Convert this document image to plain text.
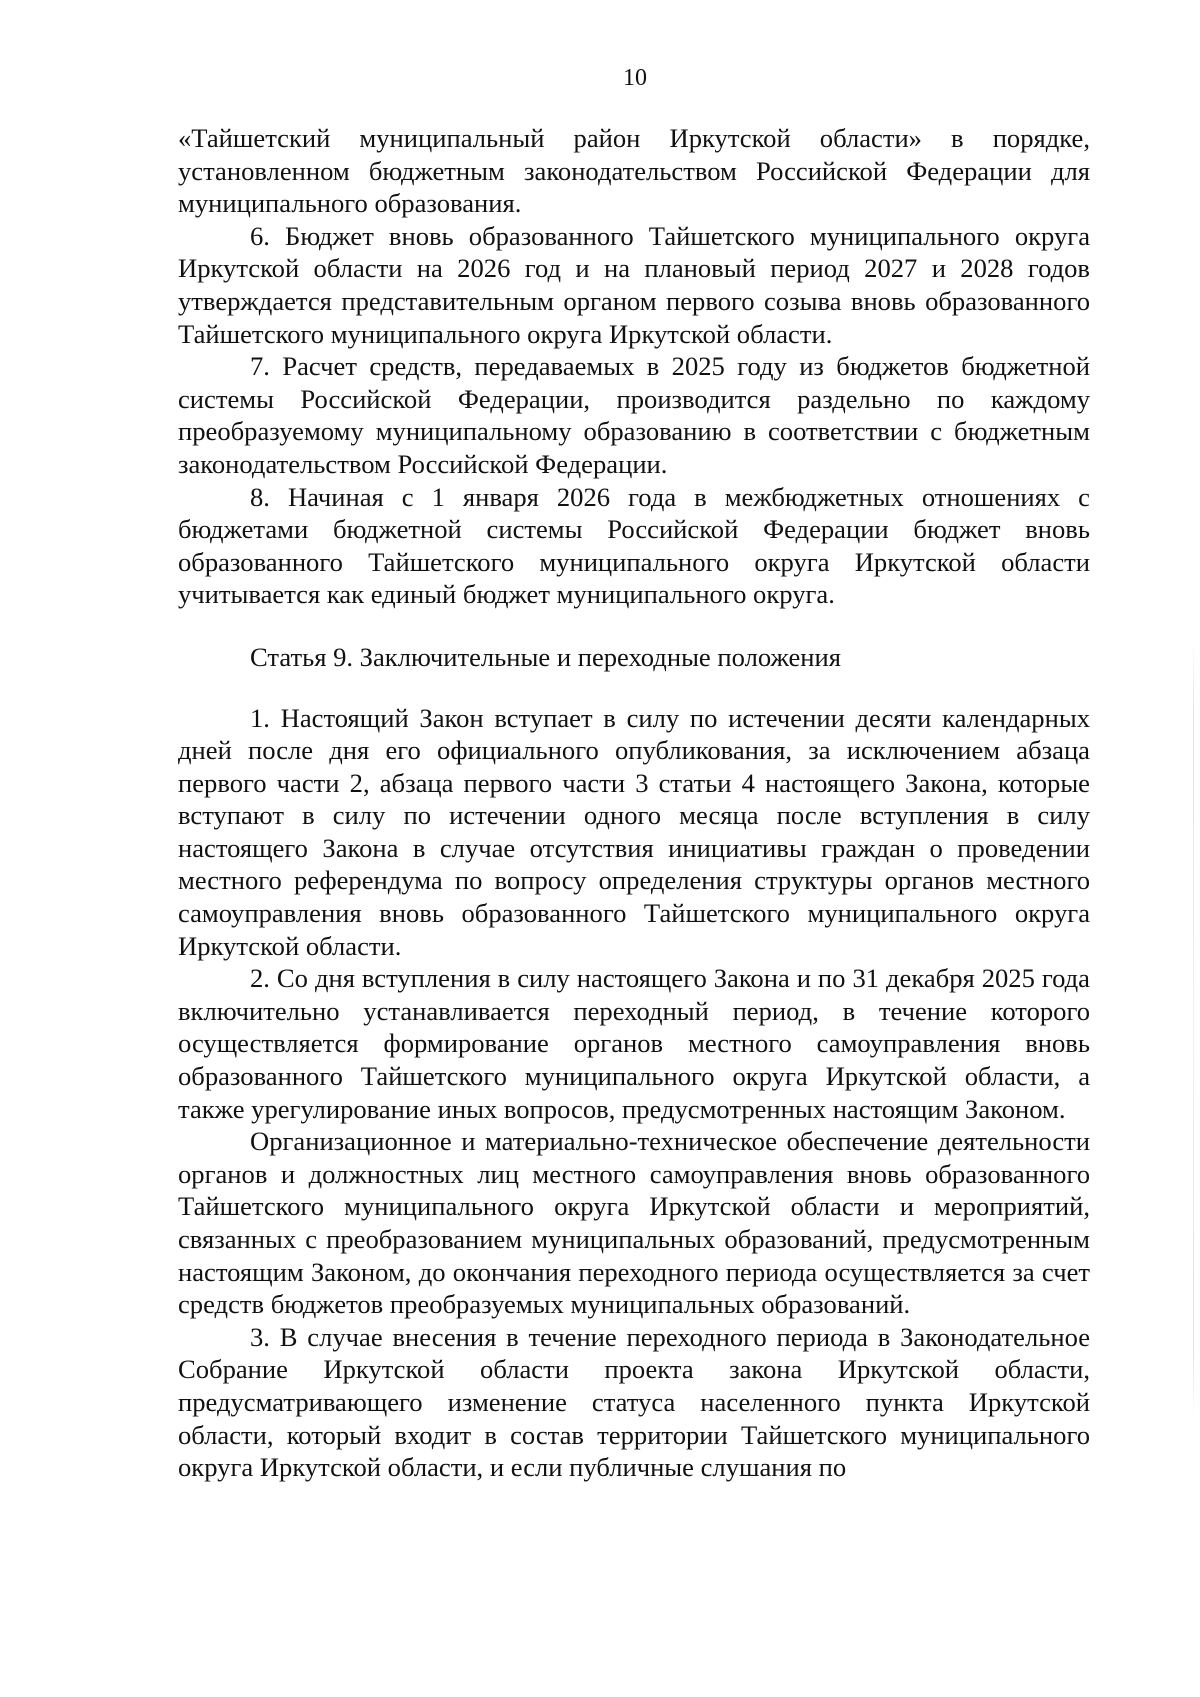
10

«Тайшетский муниципальный район Иркутской области» в порядке, установленном бюджетным законодательством Российской Федерации для муниципального образования.

6. Бюджет вновь образованного Тайшетского муниципального округа Иркутской области на 2026 год и на плановый период 2027 и 2028 годов утверждается представительным органом первого созыва вновь образованного Тайшетского муниципального округа Иркутской области.

7. Расчет средств, передаваемых в 2025 году из бюджетов бюджетной системы Российской Федерации, производится раздельно по каждому преобразуемому муниципальному образованию в соответствии с бюджетным законодательством Российской Федерации.

8. Начиная с 1 января 2026 года в межбюджетных отношениях с бюджетами бюджетной системы Российской Федерации бюджет вновь образованного Тайшетского муниципального округа Иркутской области учитывается как единый бюджет муниципального округа.

Статья 9. Заключительные и переходные положения

1. Настоящий Закон вступает в силу по истечении десяти календарных дней после дня его официального опубликования, за исключением абзаца первого части 2, абзаца первого части 3 статьи 4 настоящего Закона, которые вступают в силу по истечении одного месяца после вступления в силу настоящего Закона в случае отсутствия инициативы граждан о проведении местного референдума по вопросу определения структуры органов местного самоуправления вновь образованного Тайшетского муниципального округа Иркутской области.

2. Со дня вступления в силу настоящего Закона и по 31 декабря 2025 года включительно устанавливается переходный период, в течение которого осуществляется формирование органов местного самоуправления вновь образованного Тайшетского муниципального округа Иркутской области, а также урегулирование иных вопросов, предусмотренных настоящим Законом.

Организационное и материально-техническое обеспечение деятельности органов и должностных лиц местного самоуправления вновь образованного Тайшетского муниципального округа Иркутской области и мероприятий, связанных с преобразованием муниципальных образований, предусмотренным настоящим Законом, до окончания переходного периода осуществляется за счет средств бюджетов преобразуемых муниципальных образований.

3. В случае внесения в течение переходного периода в Законодательное Собрание Иркутской области проекта закона Иркутской области, предусматривающего изменение статуса населенного пункта Иркутской области, который входит в состав территории Тайшетского муниципального округа Иркутской области, и если публичные слушания по
